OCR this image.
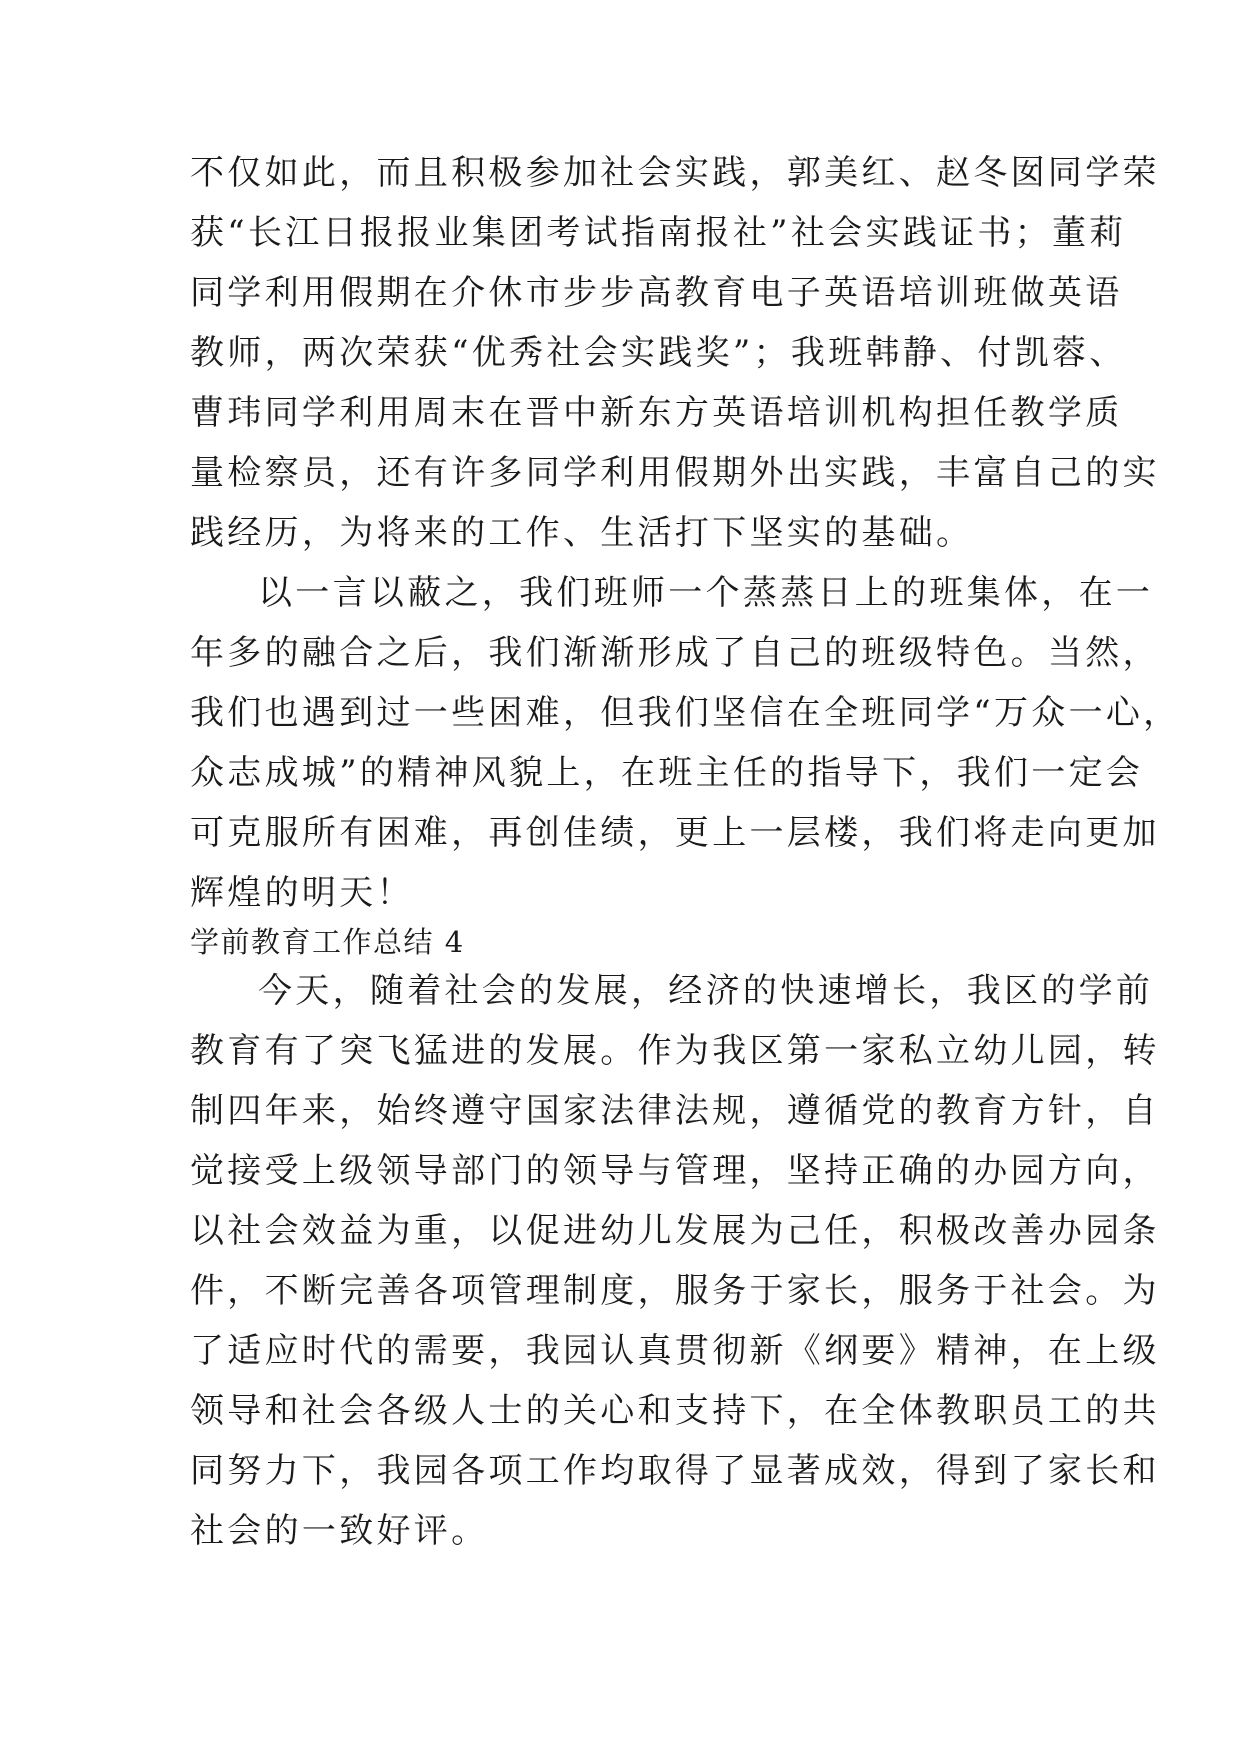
不仅如此，而且积极参加社会实践，郭美红、赵冬囡同学荣
获“长江日报报业集团考试指南报社”社会实践证书；董莉
同学利用假期在介休市步步高教育电子英语培训班做英语
教师，两次荣获“优秀社会实践奖”；我班韩静、付凯蓉、
曹玮同学利用周末在晋中新东方英语培训机构担任教学质
量检察员，还有许多同学利用假期外出实践，丰富自己的实
践经历，为将来的工作、生活打下坚实的基础。
以一言以蔽之，我们班师一个蒸蒸日上的班集体，在一
年多的融合之后，我们渐渐形成了自己的班级特色。当然，
我们也遇到过一些困难，但我们坚信在全班同学“万众一心，
众志成城”的精神风貌上，在班主任的指导下，我们一定会
可克服所有困难，再创佳绩，更上一层楼，我们将走向更加
辉煌的明天！
学前教育工作总结 4
今天，随着社会的发展，经济的快速增长，我区的学前
教育有了突飞猛进的发展。作为我区第一家私立幼儿园，转
制四年来，始终遵守国家法律法规，遵循党的教育方针，自
觉接受上级领导部门的领导与管理，坚持正确的办园方向，
以社会效益为重，以促进幼儿发展为己任，积极改善办园条
件，不断完善各项管理制度，服务于家长，服务于社会。为
了适应时代的需要，我园认真贯彻新《纲要》精神，在上级
领导和社会各级人士的关心和支持下，在全体教职员工的共
同努力下，我园各项工作均取得了显著成效，得到了家长和
社会的一致好评。
